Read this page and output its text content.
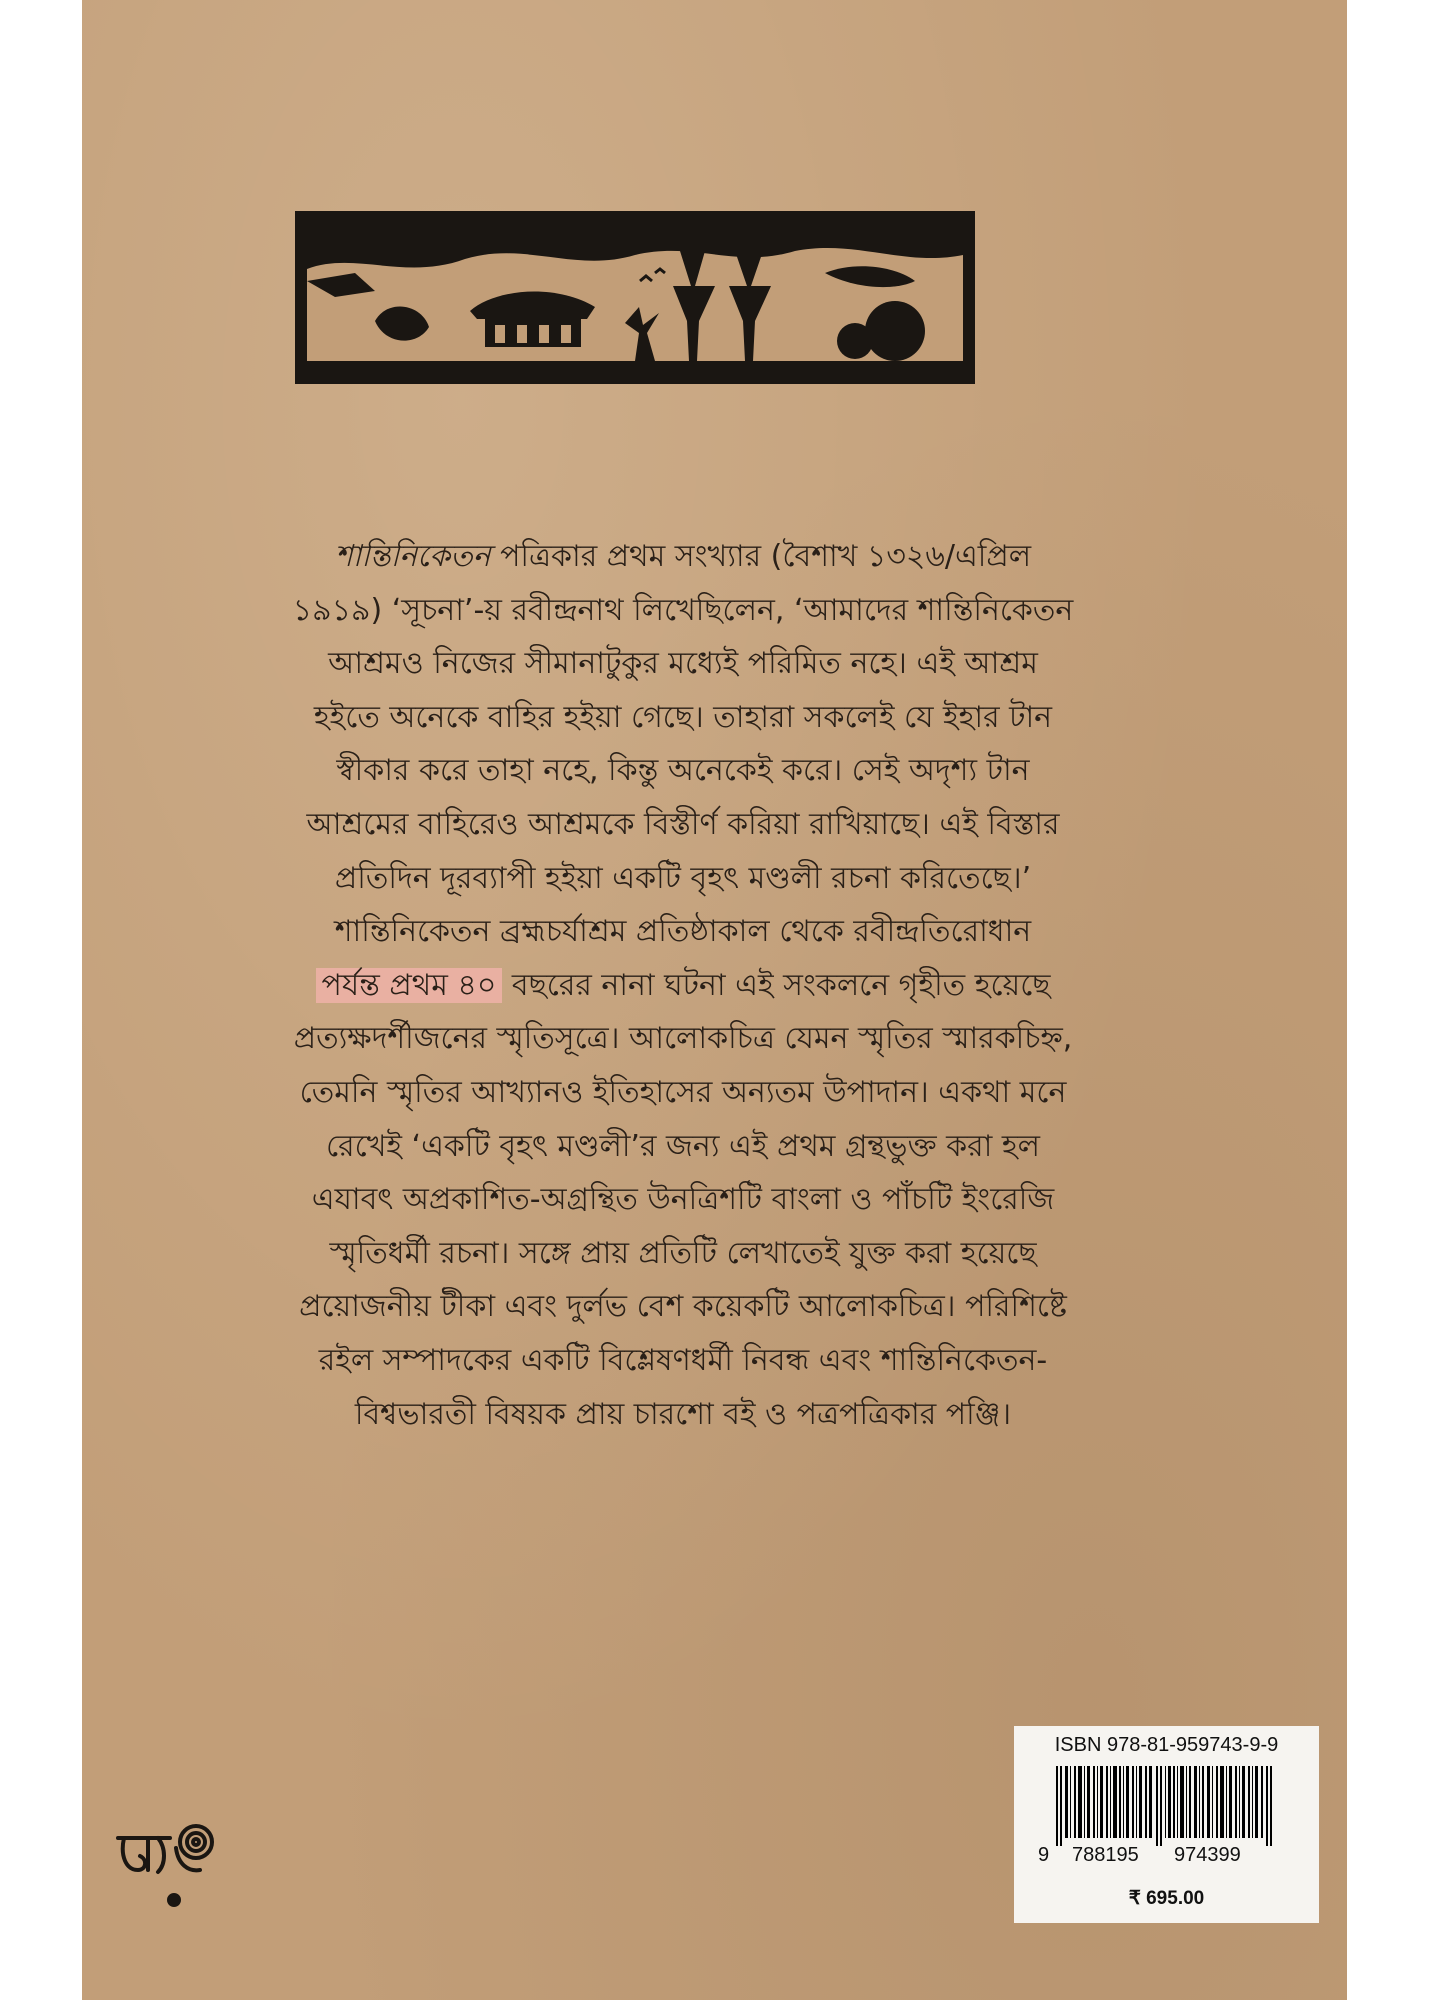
শান্তিনিকেতন পত্রিকার প্রথম সংখ্যার (বৈশাখ ১৩২৬/এপ্রিল

১৯১৯) ‘সূচনা’-য় রবীন্দ্রনাথ লিখেছিলেন, ‘আমাদের শান্তিনিকেতন

আশ্রমও নিজের সীমানাটুকুর মধ্যেই পরিমিত নহে। এই আশ্রম

হইতে অনেকে বাহির হইয়া গেছে। তাহারা সকলেই যে ইহার টান

স্বীকার করে তাহা নহে, কিন্তু অনেকেই করে। সেই অদৃশ্য টান

আশ্রমের বাহিরেও আশ্রমকে বিস্তীর্ণ করিয়া রাখিয়াছে। এই বিস্তার

প্রতিদিন দূরব্যাপী হইয়া একটি বৃহৎ মণ্ডলী রচনা করিতেছে।’

শান্তিনিকেতন ব্রহ্মচর্যাশ্রম প্রতিষ্ঠাকাল থেকে রবীন্দ্রতিরোধান

পর্যন্ত প্রথম ৪০ বছরের নানা ঘটনা এই সংকলনে গৃহীত হয়েছে

প্রত্যক্ষদর্শীজনের স্মৃতিসূত্রে। আলোকচিত্র যেমন স্মৃতির স্মারকচিহ্ন,

তেমনি স্মৃতির আখ্যানও ইতিহাসের অন্যতম উপাদান। একথা মনে

রেখেই ‘একটি বৃহৎ মণ্ডলী’র জন্য এই প্রথম গ্রন্থভুক্ত করা হল

এযাবৎ অপ্রকাশিত-অগ্রন্থিত উনত্রিশটি বাংলা ও পাঁচটি ইংরেজি

স্মৃতিধর্মী রচনা। সঙ্গে প্রায় প্রতিটি লেখাতেই যুক্ত করা হয়েছে

প্রয়োজনীয় টীকা এবং দুর্লভ বেশ কয়েকটি আলোকচিত্র। পরিশিষ্টে

রইল সম্পাদকের একটি বিশ্লেষণধর্মী নিবন্ধ এবং শান্তিনিকেতন-

বিশ্বভারতী বিষয়ক প্রায় চারশো বই ও পত্রপত্রিকার পঞ্জি।

ISBN 978-81-959743-9-9
9 788195 974399
₹ 695.00
